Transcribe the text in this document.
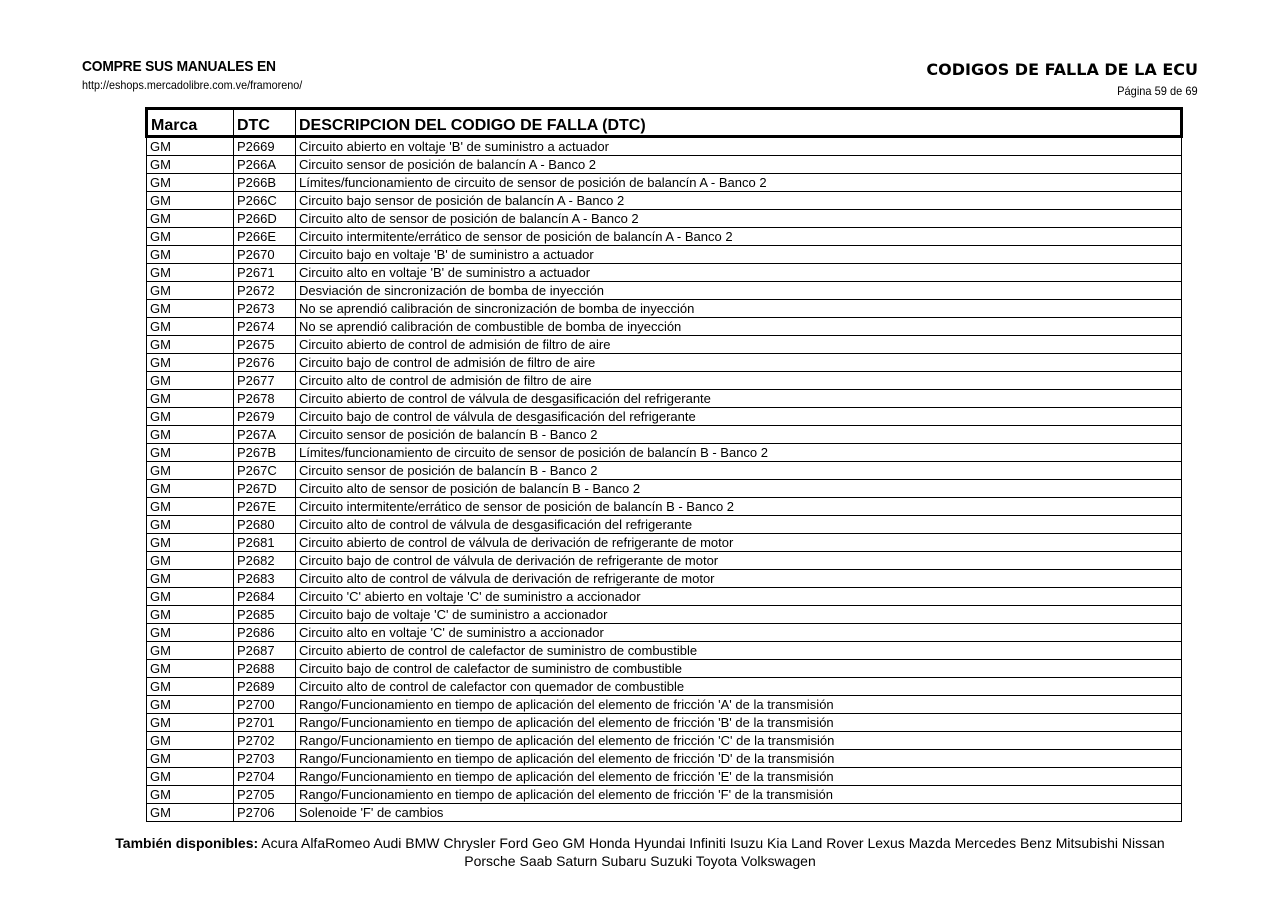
COMPRE SUS MANUALES EN
http://eshops.mercadolibre.com.ve/framoreno/
CODIGOS DE FALLA DE LA ECU
Página 59 de 69
Marca	DTC	DESCRIPCION DEL CODIGO DE FALLA (DTC)
GM	P2669	Circuito abierto en voltaje 'B' de suministro a actuador
GM	P266A	Circuito sensor de posición de balancín A - Banco 2
GM	P266B	Límites/funcionamiento de circuito de sensor de posición de balancín A - Banco 2
GM	P266C	Circuito bajo sensor de posición de balancín A - Banco 2
GM	P266D	Circuito alto de sensor de posición de balancín A - Banco 2
GM	P266E	Circuito intermitente/errático de sensor de posición de balancín A - Banco 2
GM	P2670	Circuito bajo en voltaje 'B' de suministro a actuador
GM	P2671	Circuito alto en voltaje 'B' de suministro a actuador
GM	P2672	Desviación de sincronización de bomba de inyección
GM	P2673	No se aprendió calibración de sincronización de bomba de inyección
GM	P2674	No se aprendió calibración de combustible de bomba de inyección
GM	P2675	Circuito abierto de control de admisión de filtro de aire
GM	P2676	Circuito bajo de control de admisión de filtro de aire
GM	P2677	Circuito alto de control de admisión de filtro de aire
GM	P2678	Circuito abierto de control de válvula de desgasificación del refrigerante
GM	P2679	Circuito bajo de control de válvula de desgasificación del refrigerante
GM	P267A	Circuito sensor de posición de balancín B - Banco 2
GM	P267B	Límites/funcionamiento de circuito de sensor de posición de balancín B - Banco 2
GM	P267C	Circuito sensor de posición de balancín B - Banco 2
GM	P267D	Circuito alto de sensor de posición de balancín B - Banco 2
GM	P267E	Circuito intermitente/errático de sensor de posición de balancín B - Banco 2
GM	P2680	Circuito alto de control de válvula de desgasificación del refrigerante
GM	P2681	Circuito abierto de control de válvula de derivación de refrigerante de motor
GM	P2682	Circuito bajo de control de válvula de derivación de refrigerante de motor
GM	P2683	Circuito alto de control de válvula de derivación de refrigerante de motor
GM	P2684	Circuito 'C' abierto en voltaje 'C' de suministro a accionador
GM	P2685	Circuito bajo de voltaje 'C' de suministro a accionador
GM	P2686	Circuito alto en voltaje 'C' de suministro a accionador
GM	P2687	Circuito abierto de control de calefactor de suministro de combustible
GM	P2688	Circuito bajo de control de calefactor de suministro de combustible
GM	P2689	Circuito alto de control de calefactor con quemador de combustible
GM	P2700	Rango/Funcionamiento en tiempo de aplicación del elemento de fricción 'A' de la transmisión
GM	P2701	Rango/Funcionamiento en tiempo de aplicación del elemento de fricción 'B' de la transmisión
GM	P2702	Rango/Funcionamiento en tiempo de aplicación del elemento de fricción 'C' de la transmisión
GM	P2703	Rango/Funcionamiento en tiempo de aplicación del elemento de fricción 'D' de la transmisión
GM	P2704	Rango/Funcionamiento en tiempo de aplicación del elemento de fricción 'E' de la transmisión
GM	P2705	Rango/Funcionamiento en tiempo de aplicación del elemento de fricción 'F' de la transmisión
GM	P2706	Solenoide 'F' de cambios
También disponibles: Acura AlfaRomeo Audi BMW Chrysler Ford Geo GM Honda Hyundai Infiniti Isuzu Kia Land Rover Lexus Mazda Mercedes Benz Mitsubishi Nissan
Porsche Saab Saturn Subaru Suzuki Toyota Volkswagen
